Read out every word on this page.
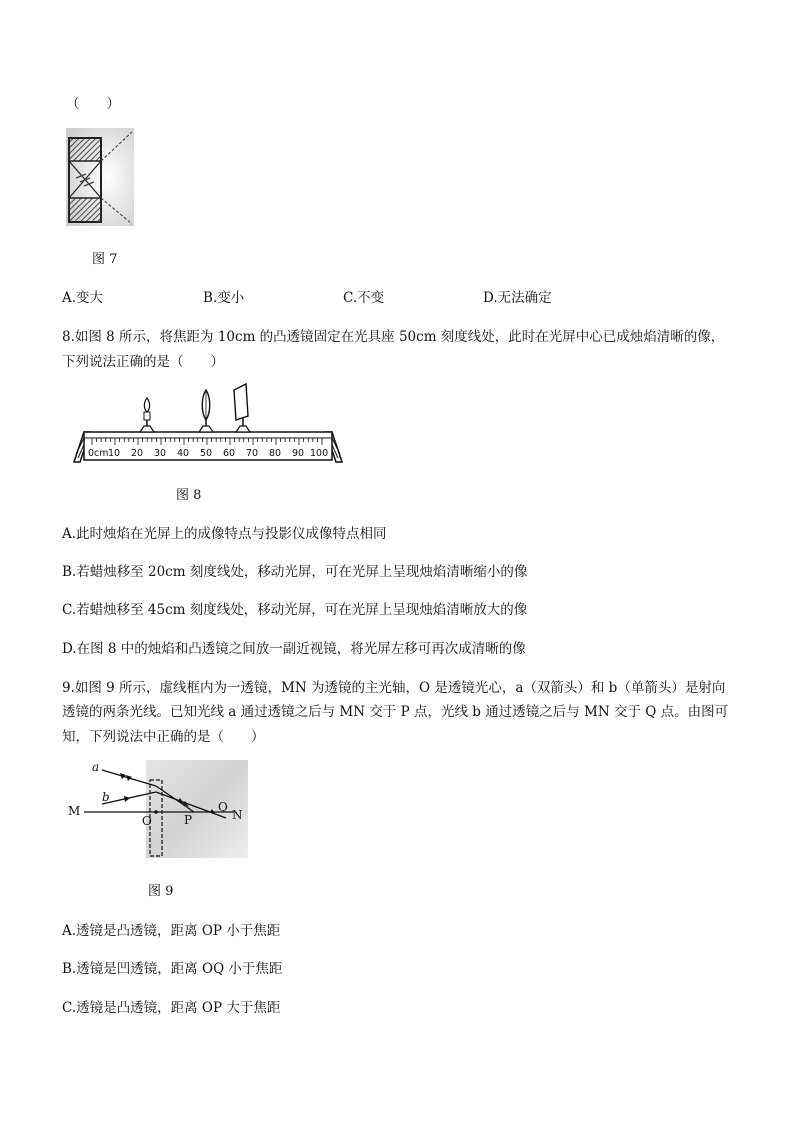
（　　）
图 7
A.变大	B.变小	C.不变	D.无法确定
8.如图 8 所示，将焦距为 10cm 的凸透镜固定在光具座 50cm 刻度线处，此时在光屏中心已成烛焰清晰的像，
下列说法正确的是（　　）
0cm 10 20 30 40 50 60 70 80 90 100
图 8
A.此时烛焰在光屏上的成像特点与投影仪成像特点相同
B.若蜡烛移至 20cm 刻度线处，移动光屏，可在光屏上呈现烛焰清晰缩小的像
C.若蜡烛移至 45cm 刻度线处，移动光屏，可在光屏上呈现烛焰清晰放大的像
D.在图 8 中的烛焰和凸透镜之间放一副近视镜，将光屏左移可再次成清晰的像
9.如图 9 所示，虚线框内为一透镜，MN 为透镜的主光轴，O 是透镜光心，a（双箭头）和 b（单箭头）是射向
透镜的两条光线。已知光线 a 通过透镜之后与 MN 交于 P 点，光线 b 通过透镜之后与 MN 交于 Q 点。由图可
知，下列说法中正确的是（　　）
a
b
M	N
O	P
Q
图 9
A.透镜是凸透镜，距离 OP 小于焦距
B.透镜是凹透镜，距离 OQ 小于焦距
C.透镜是凸透镜，距离 OP 大于焦距
